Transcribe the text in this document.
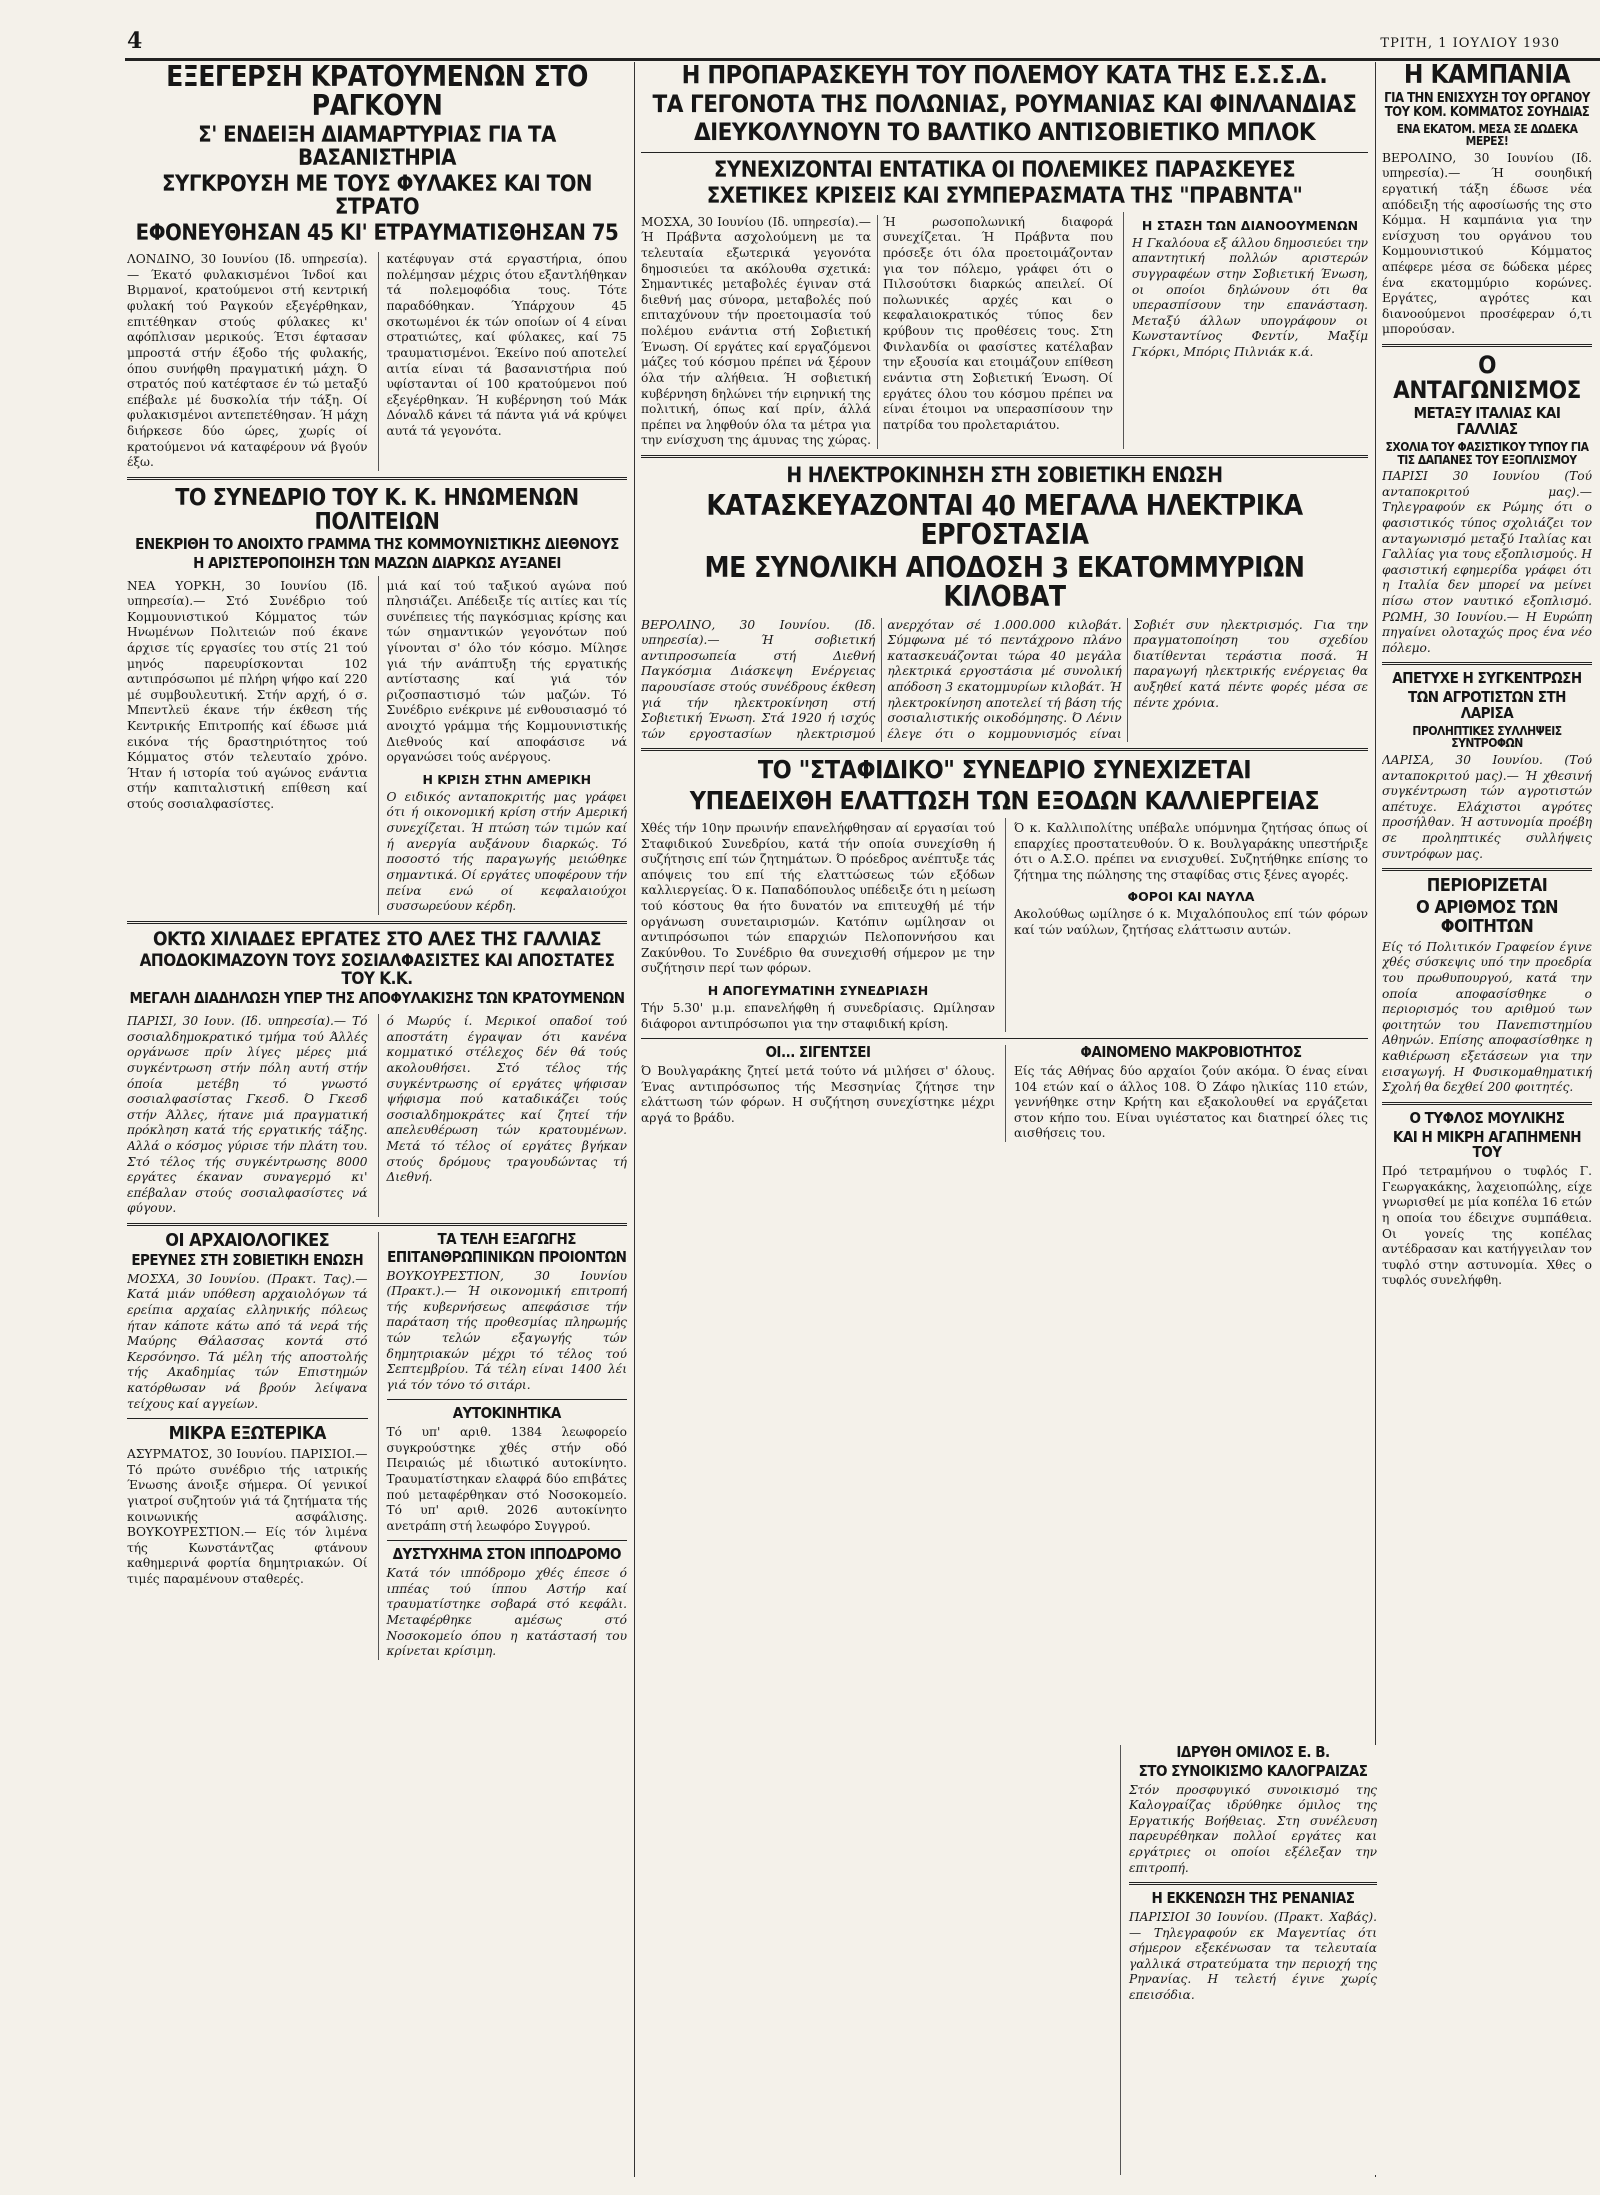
4	ΤΡΙΤΗ, 1 ΙΟΥΛΙΟΥ 1930

ΕΞΕΓΕΡΣΗ ΚΡΑΤΟΥΜΕΝΩΝ ΣΤΟ ΡΑΓΚΟΥΝ

Σ' ΕΝΔΕΙΞΗ ΔΙΑΜΑΡΤΥΡΙΑΣ ΓΙΑ ΤΑ ΒΑΣΑΝΙΣΤΗΡΙΑ

ΣΥΓΚΡΟΥΣΗ ΜΕ ΤΟΥΣ ΦΥΛΑΚΕΣ ΚΑΙ ΤΟΝ ΣΤΡΑΤΟ

ΕΦΟΝΕΥΘΗΣΑΝ 45 ΚΙ' ΕΤΡΑΥΜΑΤΙΣΘΗΣΑΝ 75

ΛΟΝΔΙΝΟ, 30 Ιουνίου (Ιδ. υπηρεσία).— Έκατό φυλακισμένοι Ίνδοί και Βιρμανοί, κρατούμενοι στή κεντρική φυλακή τού Ραγκούν εξεγέρθηκαν, επιτέθηκαν στούς φύλακες κι' αφόπλισαν μερικούς. Έτσι έφτασαν μπροστά στήν έξοδο τής φυλακής, όπου συνήφθη πραγματική μάχη. Ό στρατός πού κατέφτασε έν τώ μεταξύ επέβαλε μέ δυσκολία τήν τάξη. Οί φυλακισμένοι αντεπετέθησαν. Ή μάχη διήρκεσε δύο ώρες, χωρίς οί κρατούμενοι νά καταφέρουν νά βγούν έξω.

κατέφυγαν στά εργαστήρια, όπου πολέμησαν μέχρις ότου εξαντλήθηκαν τά πολεμοφόδια τους. Τότε παραδόθηκαν. Ύπάρχουν 45 σκοτωμένοι έκ τών οποίων οί 4 είναι στρατιώτες, καί φύλακες, καί 75 τραυματισμένοι. Έκείνο πού αποτελεί αιτία είναι τά βασανιστήρια πού υφίστανται οί 100 κρατούμενοι πού εξεγέρθηκαν. Ή κυβέρνηση τού Μάκ Δόναλδ κάνει τά πάντα γιά νά κρύψει αυτά τά γεγονότα.

ΤΟ ΣΥΝΕΔΡΙΟ ΤΟΥ Κ. Κ. ΗΝΩΜΕΝΩΝ ΠΟΛΙΤΕΙΩΝ

ΕΝΕΚΡΙΘΗ ΤΟ ΑΝΟΙΧΤΟ ΓΡΑΜΜΑ ΤΗΣ ΚΟΜΜΟΥΝΙΣΤΙΚΗΣ ΔΙΕΘΝΟΥΣ

Η ΑΡΙΣΤΕΡΟΠΟΙΗΣΗ ΤΩΝ ΜΑΖΩΝ ΔΙΑΡΚΩΣ ΑΥΞΑΝΕΙ

ΝΕΑ ΥΟΡΚΗ, 30 Ιουνίου (Ιδ. υπηρεσία).— Στό Συνέδριο τού Κομμουνιστικού Κόμματος τών Ηνωμένων Πολιτειών πού έκανε άρχισε τίς εργασίες του στίς 21 τού μηνός παρευρίσκονται 102 αντιπρόσωποι μέ πλήρη ψήφο καί 220 μέ συμβουλευτική. Στήν αρχή, ό σ. Μπεντλεϋ έκανε τήν έκθεση τής Κεντρικής Επιτροπής καί έδωσε μιά εικόνα τής δραστηριότητος τού Κόμματος στόν τελευταίο χρόνο. Ήταν ή ιστορία τού αγώνος ενάντια στήν καπιταλιστική επίθεση καί στούς σοσιαλφασίστες.

μιά καί τού ταξικού αγώνα πού πλησιάζει. Απέδειξε τίς αιτίες και τίς συνέπειες τής παγκόσμιας κρίσης και τών σημαντικών γεγονότων πού γίνονται σ' όλο τόν κόσμο. Μίλησε γιά τήν ανάπτυξη τής εργατικής αντίστασης καί γιά τόν ριζοσπαστισμό τών μαζών. Τό Συνέδριο ενέκρινε μέ ενθουσιασμό τό ανοιχτό γράμμα τής Κομμουνιστικής Διεθνούς καί αποφάσισε νά οργανώσει τούς ανέργους.

Η ΚΡΙΣΗ ΣΤΗΝ ΑΜΕΡΙΚΗ

Ο ειδικός ανταποκριτής μας γράφει ότι ή οικονομική κρίση στήν Αμερική συνεχίζεται. Ή πτώση τών τιμών καί ή ανεργία αυξάνουν διαρκώς. Τό ποσοστό τής παραγωγής μειώθηκε σημαντικά. Οί εργάτες υποφέρουν τήν πείνα ενώ οί κεφαλαιούχοι συσσωρεύουν κέρδη.

ΟΚΤΩ ΧΙΛΙΑΔΕΣ ΕΡΓΑΤΕΣ ΣΤΟ ΑΛΕΣ ΤΗΣ ΓΑΛΛΙΑΣ

ΑΠΟΔΟΚΙΜΑΖΟΥΝ ΤΟΥΣ ΣΟΣΙΑΛΦΑΣΙΣΤΕΣ ΚΑΙ ΑΠΟΣΤΑΤΕΣ ΤΟΥ Κ.Κ.

ΜΕΓΑΛΗ ΔΙΑΔΗΛΩΣΗ ΥΠΕΡ ΤΗΣ ΑΠΟΦΥΛΑΚΙΣΗΣ ΤΩΝ ΚΡΑΤΟΥΜΕΝΩΝ

ΠΑΡΙΣΙ, 30 Ιουν. (Ιδ. υπηρεσία).— Τό σοσιαλδημοκρατικό τμήμα τού Άλλές οργάνωσε πρίν λίγες μέρες μιά συγκέντρωση στήν πόλη αυτή στήν όποία μετέβη τό γνωστό σοσιαλφασίστας Γκεσδ. Ό Γκεσδ στήν Άλλες, ήτανε μιά πραγματική πρόκληση κατά τής εργατικής τάξης. Αλλά ο κόσμος γύρισε τήν πλάτη του. Στό τέλος τής συγκέντρωσης 8000 εργάτες έκαναν συναγερμό κι' επέβαλαν στούς σοσιαλφασίστες νά φύγουν.

ό Μωρύς ί. Μερικοί οπαδοί τού αποστάτη έγραψαν ότι κανένα κομματικό στέλεχος δέν θά τούς ακολουθήσει. Στό τέλος τής συγκέντρωσης οί εργάτες ψήφισαν ψήφισμα πού καταδικάζει τούς σοσιαλδημοκράτες καί ζητεί τήν απελευθέρωση τών κρατουμένων. Μετά τό τέλος οί εργάτες βγήκαν στούς δρόμους τραγουδώντας τή Διεθνή.

ΟΙ ΑΡΧΑΙΟΛΟΓΙΚΕΣ

ΕΡΕΥΝΕΣ ΣΤΗ ΣΟΒΙΕΤΙΚΗ ΕΝΩΣΗ

ΜΟΣΧΑ, 30 Ιουνίου. (Πρακτ. Τας).— Κατά μιάν υπόθεση αρχαιολόγων τά ερείπια αρχαίας ελληνικής πόλεως ήταν κάποτε κάτω από τά νερά τής Μαύρης Θάλασσας κοντά στό Κερσόνησο. Τά μέλη τής αποστολής τής Ακαδημίας τών Επιστημών κατόρθωσαν νά βρούν λείψανα τείχους καί αγγείων.

ΜΙΚΡΑ ΕΞΩΤΕΡΙΚΑ

ΑΣΥΡΜΑΤΟΣ, 30 Ιουνίου. ΠΑΡΙΣΙΟΙ.— Τό πρώτο συνέδριο τής ιατρικής Ένωσης άνοιξε σήμερα. Οί γενικοί γιατροί συζητούν γιά τά ζητήματα τής κοινωνικής ασφάλισης. ΒΟΥΚΟΥΡΕΣΤΙΟΝ.— Είς τόν λιμένα τής Κωνστάντζας φτάνουν καθημερινά φορτία δημητριακών. Οί τιμές παραμένουν σταθερές.

ΤΑ ΤΕΛΗ ΕΞΑΓΩΓΗΣ

ΕΠΙΤΑΝΘΡΩΠΙΝΙΚΩΝ ΠΡΟΙΟΝΤΩΝ

ΒΟΥΚΟΥΡΕΣΤΙΟΝ, 30 Ιουνίου (Πρακτ.).— Ή οικονομική επιτροπή τής κυβερνήσεως απεφάσισε τήν παράταση τής προθεσμίας πληρωμής τών τελών εξαγωγής τών δημητριακών μέχρι τό τέλος τού Σεπτεμβρίου. Τά τέλη είναι 1400 λέι γιά τόν τόνο τό σιτάρι.

ΑΥΤΟΚΙΝΗΤΙΚΑ

Τό υπ' αριθ. 1384 λεωφορείο συγκρούστηκε χθές στήν οδό Πειραιώς μέ ιδιωτικό αυτοκίνητο. Τραυματίστηκαν ελαφρά δύο επιβάτες πού μεταφέρθηκαν στό Νοσοκομείο. Τό υπ' αριθ. 2026 αυτοκίνητο ανετράπη στή λεωφόρο Συγγρού.

ΔΥΣΤΥΧΗΜΑ ΣΤΟΝ ΙΠΠΟΔΡΟΜΟ

Κατά τόν ιππόδρομο χθές έπεσε ό ιππέας τού ίππου Αστήρ καί τραυματίστηκε σοβαρά στό κεφάλι. Μεταφέρθηκε αμέσως στό Νοσοκομείο όπου η κατάστασή του κρίνεται κρίσιμη.

Η ΠΡΟΠΑΡΑΣΚΕΥΗ ΤΟΥ ΠΟΛΕΜΟΥ ΚΑΤΑ ΤΗΣ Ε.Σ.Σ.Δ.

ΤΑ ΓΕΓΟΝΟΤΑ ΤΗΣ ΠΟΛΩΝΙΑΣ, ΡΟΥΜΑΝΙΑΣ ΚΑΙ ΦΙΝΛΑΝΔΙΑΣ

ΔΙΕΥΚΟΛΥΝΟΥΝ ΤΟ ΒΑΛΤΙΚΟ ΑΝΤΙΣΟΒΙΕΤΙΚΟ ΜΠΛΟΚ

ΣΥΝΕΧΙΖΟΝΤΑΙ ΕΝΤΑΤΙΚΑ ΟΙ ΠΟΛΕΜΙΚΕΣ ΠΑΡΑΣΚΕΥΕΣ

ΣΧΕΤΙΚΕΣ ΚΡΙΣΕΙΣ ΚΑΙ ΣΥΜΠΕΡΑΣΜΑΤΑ ΤΗΣ "ΠΡΑΒΝΤΑ"

ΜΟΣΧΑ, 30 Ιουνίου (Ιδ. υπηρεσία).— Ή Πράβντα ασχολούμενη με τα τελευταία εξωτερικά γεγονότα δημοσιεύει τα ακόλουθα σχετικά: Σημαντικές μεταβολές έγιναν στά διεθνή μας σύνορα, μεταβολές πού επιταχύνουν τήν προετοιμασία τού πολέμου ενάντια στή Σοβιετική Ένωση. Οί εργάτες καί εργαζόμενοι μάζες τού κόσμου πρέπει νά ξέρουν όλα τήν αλήθεια. Ή σοβιετική κυβέρνηση δηλώνει τήν ειρηνική της πολιτική, όπως καί πρίν, άλλά πρέπει να ληφθούν όλα τα μέτρα για την ενίσχυση της άμυνας της χώρας. Ή ρωσοπολωνική διαφορά συνεχίζεται. Ή Πράβντα που πρόσεξε ότι όλα προετοιμάζονταν για τον πόλεμο, γράφει ότι ο Πιλσούτσκι διαρκώς απειλεί. Οί πολωνικές αρχές και ο κεφαλαιοκρατικός τύπος δεν κρύβουν τις προθέσεις τους. Στη Φινλανδία οι φασίστες κατέλαβαν την εξουσία και ετοιμάζουν επίθεση ενάντια στη Σοβιετική Ένωση. Οί εργάτες όλου του κόσμου πρέπει να είναι έτοιμοι να υπερασπίσουν την πατρίδα του προλεταριάτου.

Η ΣΤΑΣΗ ΤΩΝ ΔΙΑΝΟΟΥΜΕΝΩΝ

Η Γκαλόουα εξ άλλου δημοσιεύει την απαντητική πολλών αριστερών συγγραφέων στην Σοβιετική Ένωση, οι οποίοι δηλώνουν ότι θα υπερασπίσουν την επανάσταση. Μεταξύ άλλων υπογράφουν οι Κωνσταντίνος Φεντίν, Μαξίμ Γκόρκι, Μπόρις Πιλνιάκ κ.ά.

Η ΗΛΕΚΤΡΟΚΙΝΗΣΗ ΣΤΗ ΣΟΒΙΕΤΙΚΗ ΕΝΩΣΗ

ΚΑΤΑΣΚΕΥΑΖΟΝΤΑΙ 40 ΜΕΓΑΛΑ ΗΛΕΚΤΡΙΚΑ ΕΡΓΟΣΤΑΣΙΑ

ΜΕ ΣΥΝΟΛΙΚΗ ΑΠΟΔΟΣΗ 3 ΕΚΑΤΟΜΜΥΡΙΩΝ ΚΙΛΟΒΑΤ

ΒΕΡΟΛΙΝΟ, 30 Ιουνίου. (Ιδ. υπηρεσία).— Ή σοβιετική αντιπροσωπεία στή Διεθνή Παγκόσμια Διάσκεψη Ενέργειας παρουσίασε στούς συνέδρους έκθεση γιά τήν ηλεκτροκίνηση στή Σοβιετική Ένωση. Στά 1920 ή ισχύς τών εργοστασίων ηλεκτρισμού ανερχόταν σέ 1.000.000 κιλοβάτ. Σύμφωνα μέ τό πεντάχρονο πλάνο κατασκευάζονται τώρα 40 μεγάλα ηλεκτρικά εργοστάσια μέ συνολική απόδοση 3 εκατομμυρίων κιλοβάτ. Ή ηλεκτροκίνηση αποτελεί τή βάση τής σοσιαλιστικής οικοδόμησης. Ό Λένιν έλεγε ότι ο κομμουνισμός είναι Σοβιέτ συν ηλεκτρισμός. Για την πραγματοποίηση του σχεδίου διατίθενται τεράστια ποσά. Ή παραγωγή ηλεκτρικής ενέργειας θα αυξηθεί κατά πέντε φορές μέσα σε πέντε χρόνια.

ΤΟ "ΣΤΑΦΙΔΙΚΟ" ΣΥΝΕΔΡΙΟ ΣΥΝΕΧΙΖΕΤΑΙ

ΥΠΕΔΕΙΧΘΗ ΕΛΑΤΤΩΣΗ ΤΩΝ ΕΞΟΔΩΝ ΚΑΛΛΙΕΡΓΕΙΑΣ

Χθές τήν 10ην πρωινήν επανελήφθησαν αί εργασίαι τού Σταφιδικού Συνεδρίου, κατά τήν οποία συνεχίσθη ή συζήτησις επί τών ζητημάτων. Ό πρόεδρος ανέπτυξε τάς απόψεις του επί τής ελαττώσεως τών εξόδων καλλιεργείας. Ό κ. Παπαδόπουλος υπέδειξε ότι η μείωση τού κόστους θα ήτο δυνατόν να επιτευχθή μέ τήν οργάνωση συνεταιρισμών. Κατόπιν ωμίλησαν οι αντιπρόσωποι τών επαρχιών Πελοποννήσου και Ζακύνθου. Το Συνέδριο θα συνεχισθή σήμερον με την συζήτησιν περί των φόρων.

Η ΑΠΟΓΕΥΜΑΤΙΝΗ ΣΥΝΕΔΡΙΑΣΗ

Τήν 5.30' μ.μ. επανελήφθη ή συνεδρίασις. Ωμίλησαν διάφοροι αντιπρόσωποι για την σταφιδική κρίση.

Ό κ. Καλλιπολίτης υπέβαλε υπόμνημα ζητήσας όπως οί επαρχίες προστατευθούν. Ό κ. Βουλγαράκης υπεστήριξε ότι ο Α.Σ.Ο. πρέπει να ενισχυθεί. Συζητήθηκε επίσης το ζήτημα της πώλησης της σταφίδας στις ξένες αγορές.

ΦΟΡΟΙ ΚΑΙ ΝΑΥΛΑ

Ακολούθως ωμίλησε ό κ. Μιχαλόπουλος επί τών φόρων καί τών ναύλων, ζητήσας ελάττωσιν αυτών.

ΟΙ... ΣΙΓΕΝΤΣΕΙ

Ό Βουλγαράκης ζητεί μετά τούτο νά μιλήσει σ' όλους. Ένας αντιπρόσωπος τής Μεσσηνίας ζήτησε την ελάττωση τών φόρων. Η συζήτηση συνεχίστηκε μέχρι αργά το βράδυ.

ΦΑΙΝΟΜΕΝΟ ΜΑΚΡΟΒΙΟΤΗΤΟΣ

Είς τάς Αθήνας δύο αρχαίοι ζούν ακόμα. Ό ένας είναι 104 ετών καί ο άλλος 108. Ό Ζάφο ηλικίας 110 ετών, γεννήθηκε στην Κρήτη και εξακολουθεί να εργάζεται στον κήπο του. Είναι υγιέστατος και διατηρεί όλες τις αισθήσεις του.

Η ΚΑΜΠΑΝΙΑ

ΓΙΑ ΤΗΝ ΕΝΙΣΧΥΣΗ ΤΟΥ ΟΡΓΑΝΟΥ ΤΟΥ ΚΟΜ. ΚΟΜΜΑΤΟΣ ΣΟΥΗΔΙΑΣ

ΕΝΑ ΕΚΑΤΟΜ. ΜΕΣΑ ΣΕ ΔΩΔΕΚΑ ΜΕΡΕΣ!

ΒΕΡΟΛΙΝΟ, 30 Ιουνίου (Ιδ. υπηρεσία).— Ή σουηδική εργατική τάξη έδωσε νέα απόδειξη τής αφοσίωσής της στο Κόμμα. Η καμπάνια για την ενίσχυση του οργάνου του Κομμουνιστικού Κόμματος απέφερε μέσα σε δώδεκα μέρες ένα εκατομμύριο κορώνες. Εργάτες, αγρότες και διανοούμενοι προσέφεραν ό,τι μπορούσαν.

Ο ΑΝΤΑΓΩΝΙΣΜΟΣ

ΜΕΤΑΞΥ ΙΤΑΛΙΑΣ ΚΑΙ ΓΑΛΛΙΑΣ

ΣΧΟΛΙΑ ΤΟΥ ΦΑΣΙΣΤΙΚΟΥ ΤΥΠΟΥ ΓΙΑ ΤΙΣ ΔΑΠΑΝΕΣ ΤΟΥ ΕΞΟΠΛΙΣΜΟΥ

ΠΑΡΙΣΙ 30 Ιουνίου (Τού ανταποκριτού μας).— Τηλεγραφούν εκ Ρώμης ότι ο φασιστικός τύπος σχολιάζει τον ανταγωνισμό μεταξύ Ιταλίας και Γαλλίας για τους εξοπλισμούς. Η φασιστική εφημερίδα γράφει ότι η Ιταλία δεν μπορεί να μείνει πίσω στον ναυτικό εξοπλισμό. ΡΩΜΗ, 30 Ιουνίου.— Η Ευρώπη πηγαίνει ολοταχώς προς ένα νέο πόλεμο.

ΑΠΕΤΥΧΕ Η ΣΥΓΚΕΝΤΡΩΣΗ

ΤΩΝ ΑΓΡΟΤΙΣΤΩΝ ΣΤΗ ΛΑΡΙΣΑ

ΠΡΟΛΗΠΤΙΚΕΣ ΣΥΛΛΗΨΕΙΣ ΣΥΝΤΡΟΦΩΝ

ΛΑΡΙΣΑ, 30 Ιουνίου. (Τού ανταποκριτού μας).— Ή χθεσινή συγκέντρωση τών αγροτιστών απέτυχε. Ελάχιστοι αγρότες προσήλθαν. Ή αστυνομία προέβη σε προληπτικές συλλήψεις συντρόφων μας.

ΠΕΡΙΟΡΙΖΕΤΑΙ

Ο ΑΡΙΘΜΟΣ ΤΩΝ ΦΟΙΤΗΤΩΝ

Είς τό Πολιτικόν Γραφείον έγινε χθές σύσκεψις υπό την προεδρία του πρωθυπουργού, κατά την οποία αποφασίσθηκε ο περιορισμός του αριθμού των φοιτητών του Πανεπιστημίου Αθηνών. Επίσης αποφασίσθηκε η καθιέρωση εξετάσεων για την εισαγωγή. Η Φυσικομαθηματική Σχολή θα δεχθεί 200 φοιτητές.

Ο ΤΥΦΛΟΣ ΜΟΥΛΙΚΗΣ

ΚΑΙ Η ΜΙΚΡΗ ΑΓΑΠΗΜΕΝΗ ΤΟΥ

Πρό τετραμήνου ο τυφλός Γ. Γεωργακάκης, λαχειοπώλης, είχε γνωρισθεί με μία κοπέλα 16 ετών η οποία του έδειχνε συμπάθεια. Οι γονείς της κοπέλας αντέδρασαν και κατήγγειλαν τον τυφλό στην αστυνομία. Χθες ο τυφλός συνελήφθη.

ΙΔΡΥΘΗ ΟΜΙΛΟΣ Ε. Β.

ΣΤΟ ΣΥΝΟΙΚΙΣΜΟ ΚΑΛΟΓΡΑΙΖΑΣ

Στόν προσφυγικό συνοικισμό της Καλογραίζας ιδρύθηκε όμιλος της Εργατικής Βοήθειας. Στη συνέλευση παρευρέθηκαν πολλοί εργάτες και εργάτριες οι οποίοι εξέλεξαν την επιτροπή.

Η ΕΚΚΕΝΩΣΗ ΤΗΣ ΡΕΝΑΝΙΑΣ

ΠΑΡΙΣΙΟΙ 30 Ιουνίου. (Πρακτ. Χαβάς).— Τηλεγραφούν εκ Μαγεντίας ότι σήμερον εξεκένωσαν τα τελευταία γαλλικά στρατεύματα την περιοχή της Ρηνανίας. Η τελετή έγινε χωρίς επεισόδια.
